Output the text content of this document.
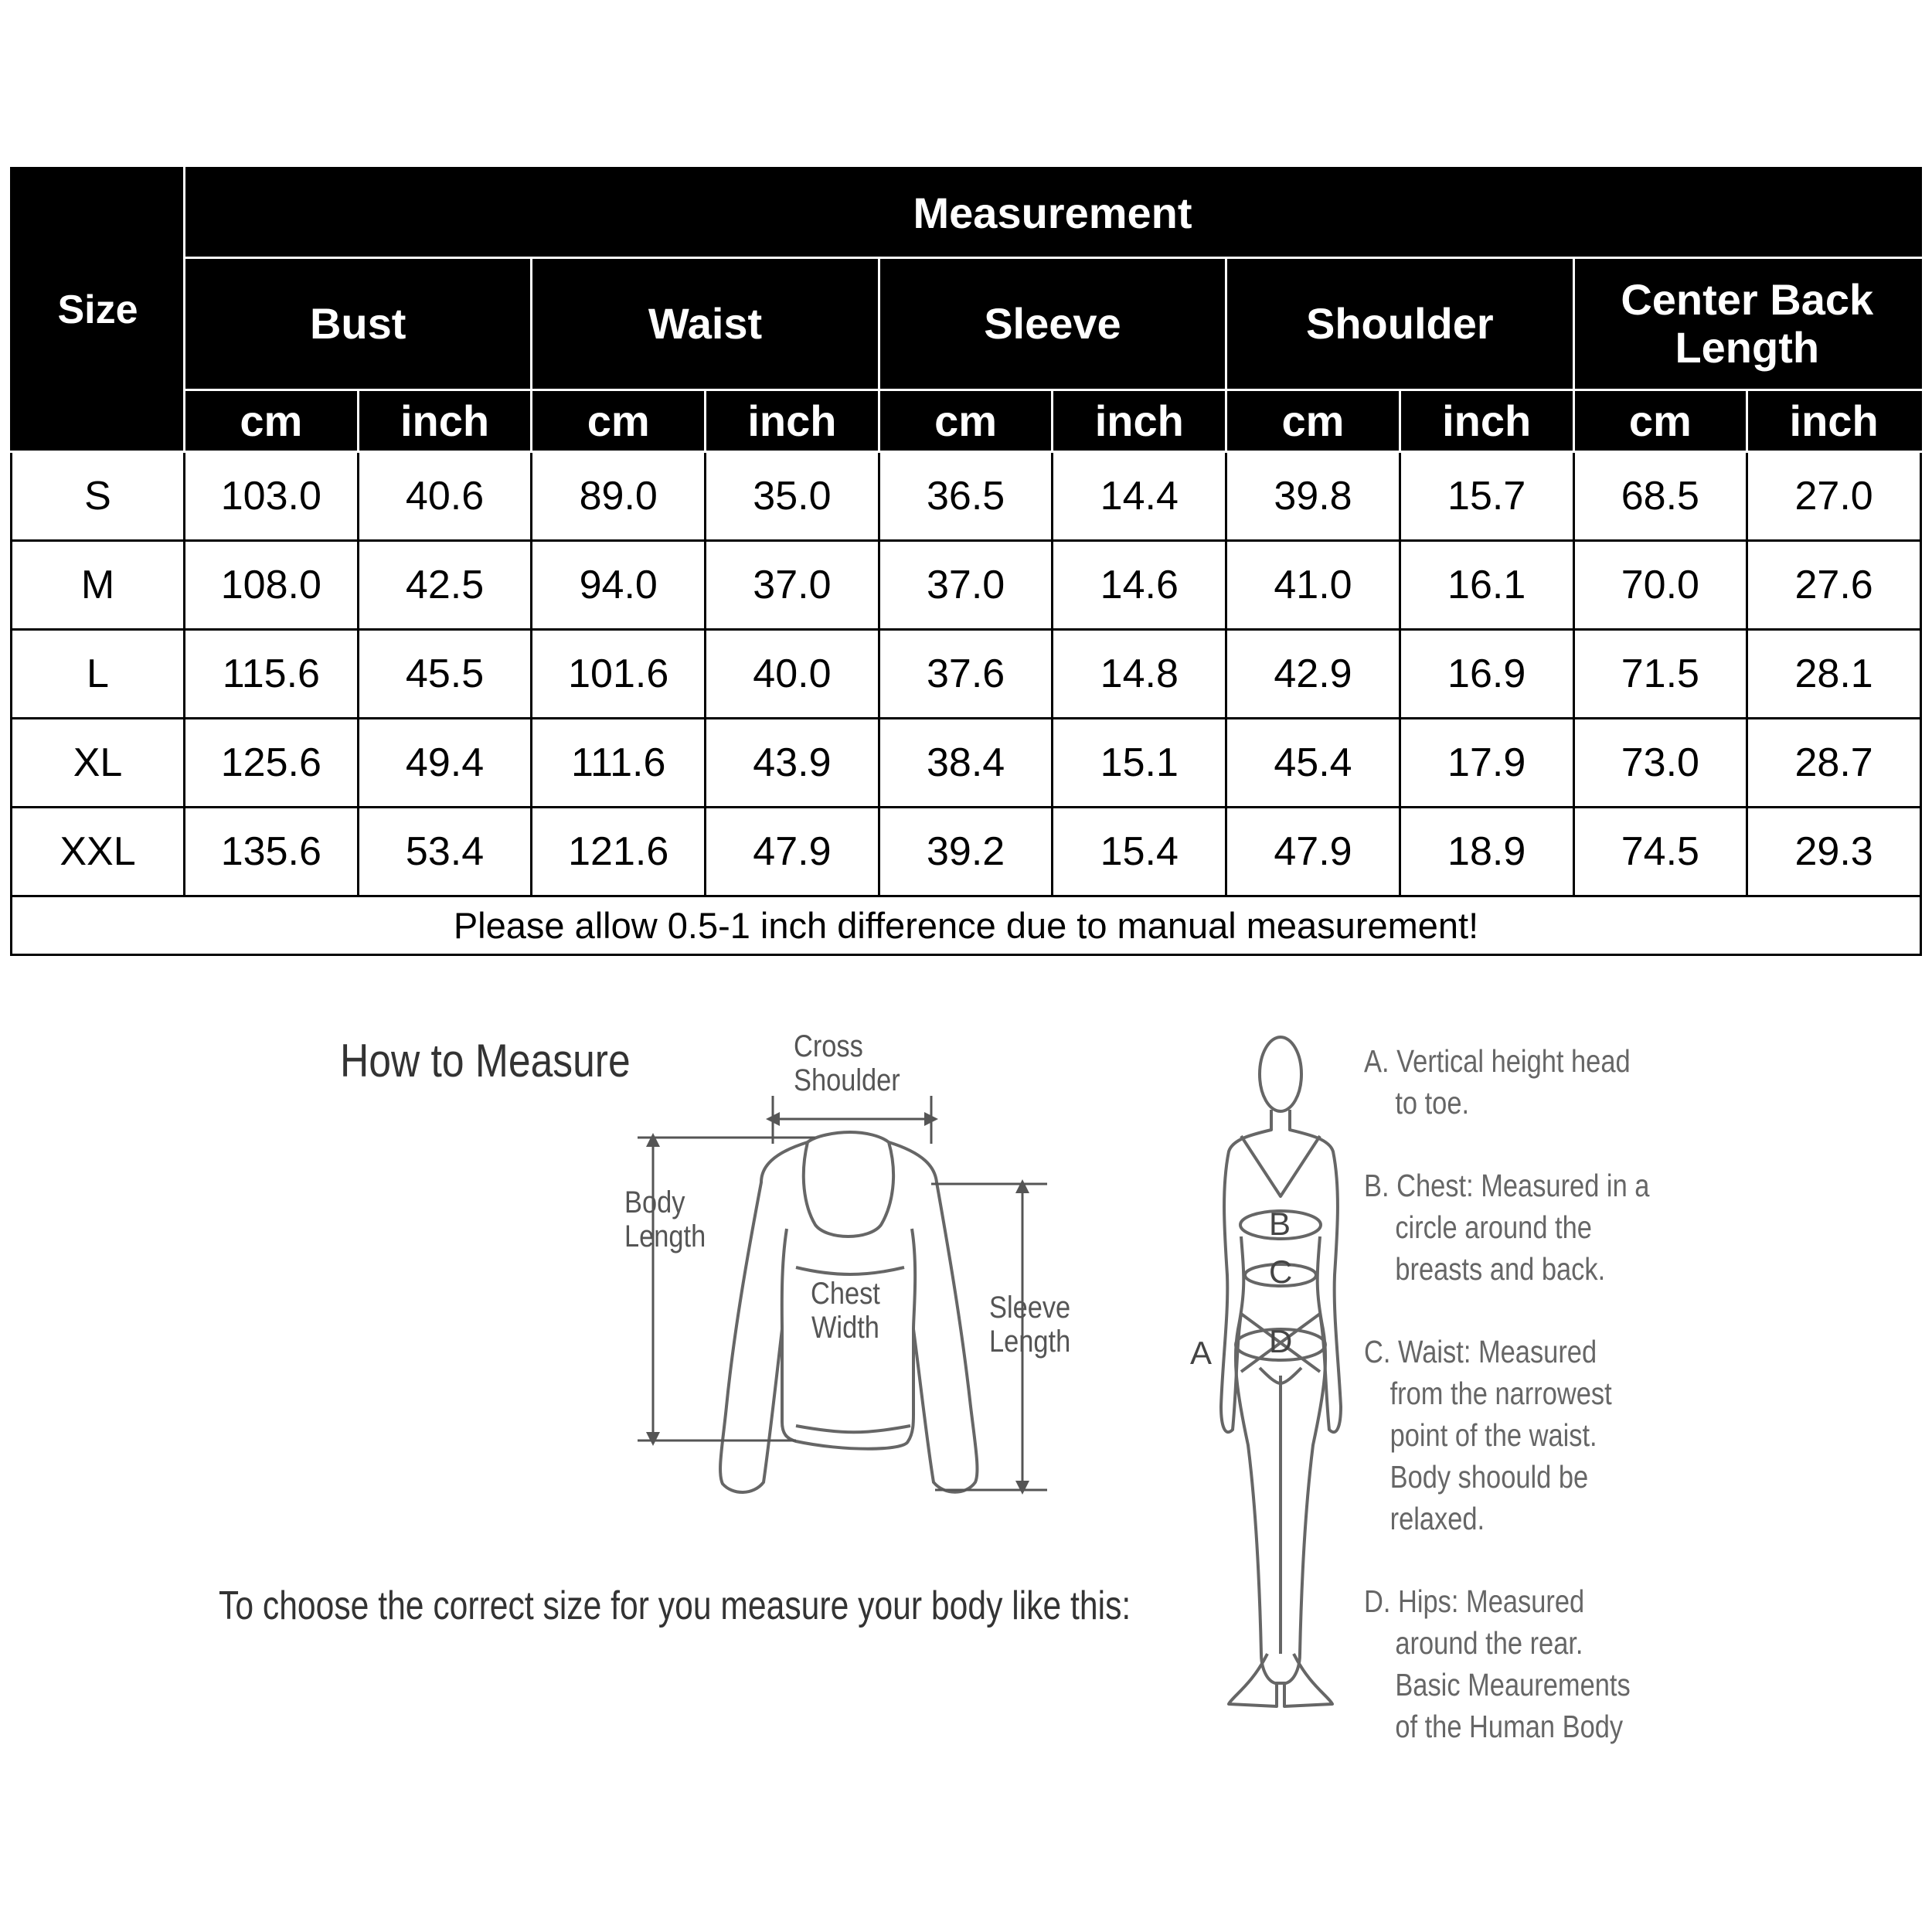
Size	Measurement									
	Bust		Waist		Sleeve		Shoulder		Center Back
Length	
	cm	inch	cm	inch	cm	inch	cm	inch	cm	inch
S	103.0	40.6	89.0	35.0	36.5	14.4	39.8	15.7	68.5	27.0
M	108.0	42.5	94.0	37.0	37.0	14.6	41.0	16.1	70.0	27.6
L	115.6	45.5	101.6	40.0	37.6	14.8	42.9	16.9	71.5	28.1
XL	125.6	49.4	111.6	43.9	38.4	15.1	45.4	17.9	73.0	28.7
XXL	135.6	53.4	121.6	47.9	39.2	15.4	47.9	18.9	74.5	29.3
Please allow 0.5-1 inch difference due to manual measurement!										
How to Measure
To choose the correct size for you measure your body like this:
Cross
Shoulder
Body
Length
Chest
Width
Sleeve
Length
B
C
D
A
A. Vertical height head
to toe.
B. Chest: Measured in a
circle around the
breasts and back.
C. Waist: Measured
from the narrowest
point of the waist.
Body shoould be
relaxed.
D. Hips: Measured
around the rear.
Basic Meaurements
of the Human Body
